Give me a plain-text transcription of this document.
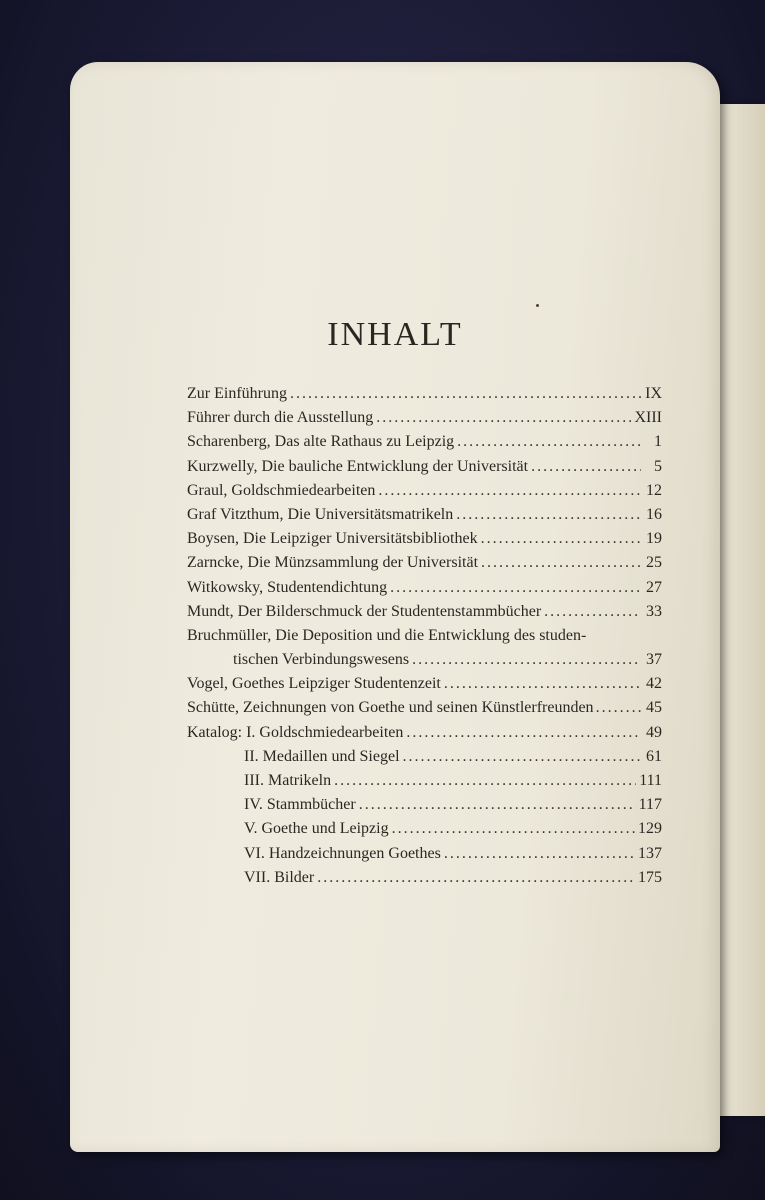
INHALT
Zur Einführung . . .	IX
Führer durch die Ausstellung . . .	XIII
Scharenberg, Das alte Rathaus zu Leipzig . . .	1
Kurzwelly, Die bauliche Entwicklung der Universität . . .	5
Graul, Goldschmiedearbeiten . . .	12
Graf Vitzthum, Die Universitätsmatrikeln . . .	16
Boysen, Die Leipziger Universitätsbibliothek . . .	19
Zarncke, Die Münzsammlung der Universität . . .	25
Witkowsky, Studentendichtung . . .	27
Mundt, Der Bilderschmuck der Studentenstammbücher . . .	33
Bruchmüller, Die Deposition und die Entwicklung des studen-
tischen Verbindungswesens . . .	37
Vogel, Goethes Leipziger Studentenzeit . . .	42
Schütte, Zeichnungen von Goethe und seinen Künstlerfreunden . . .	45
Katalog: I. Goldschmiedearbeiten . . .	49
II. Medaillen und Siegel . . .	61
III. Matrikeln . . .	111
IV. Stammbücher . . .	117
V. Goethe und Leipzig . . .	129
VI. Handzeichnungen Goethes . . .	137
VII. Bilder . . .	175
